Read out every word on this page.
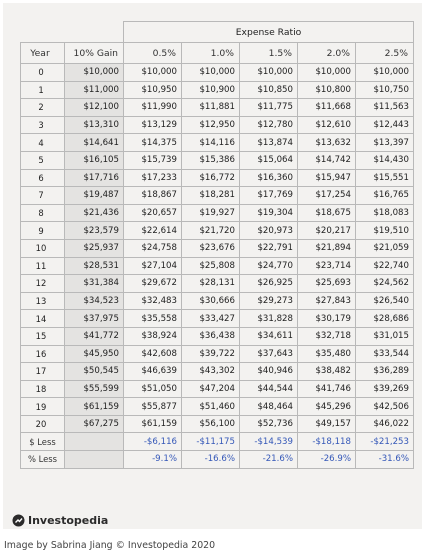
		Expense Ratio				
Year	10% Gain	0.5%	1.0%	1.5%	2.0%	2.5%
0	$10,000	$10,000	$10,000	$10,000	$10,000	$10,000
1	$11,000	$10,950	$10,900	$10,850	$10,800	$10,750
2	$12,100	$11,990	$11,881	$11,775	$11,668	$11,563
3	$13,310	$13,129	$12,950	$12,780	$12,610	$12,443
4	$14,641	$14,375	$14,116	$13,874	$13,632	$13,397
5	$16,105	$15,739	$15,386	$15,064	$14,742	$14,430
6	$17,716	$17,233	$16,772	$16,360	$15,947	$15,551
7	$19,487	$18,867	$18,281	$17,769	$17,254	$16,765
8	$21,436	$20,657	$19,927	$19,304	$18,675	$18,083
9	$23,579	$22,614	$21,720	$20,973	$20,217	$19,510
10	$25,937	$24,758	$23,676	$22,791	$21,894	$21,059
11	$28,531	$27,104	$25,808	$24,770	$23,714	$22,740
12	$31,384	$29,672	$28,131	$26,925	$25,693	$24,562
13	$34,523	$32,483	$30,666	$29,273	$27,843	$26,540
14	$37,975	$35,558	$33,427	$31,828	$30,179	$28,686
15	$41,772	$38,924	$36,438	$34,611	$32,718	$31,015
16	$45,950	$42,608	$39,722	$37,643	$35,480	$33,544
17	$50,545	$46,639	$43,302	$40,946	$38,482	$36,289
18	$55,599	$51,050	$47,204	$44,544	$41,746	$39,269
19	$61,159	$55,877	$51,460	$48,464	$45,296	$42,506
20	$67,275	$61,159	$56,100	$52,736	$49,157	$46,022
$ Less		-$6,116	-$11,175	-$14,539	-$18,118	-$21,253
% Less		-9.1%	-16.6%	-21.6%	-26.9%	-31.6%
Investopedia
Image by Sabrina Jiang © Investopedia 2020
